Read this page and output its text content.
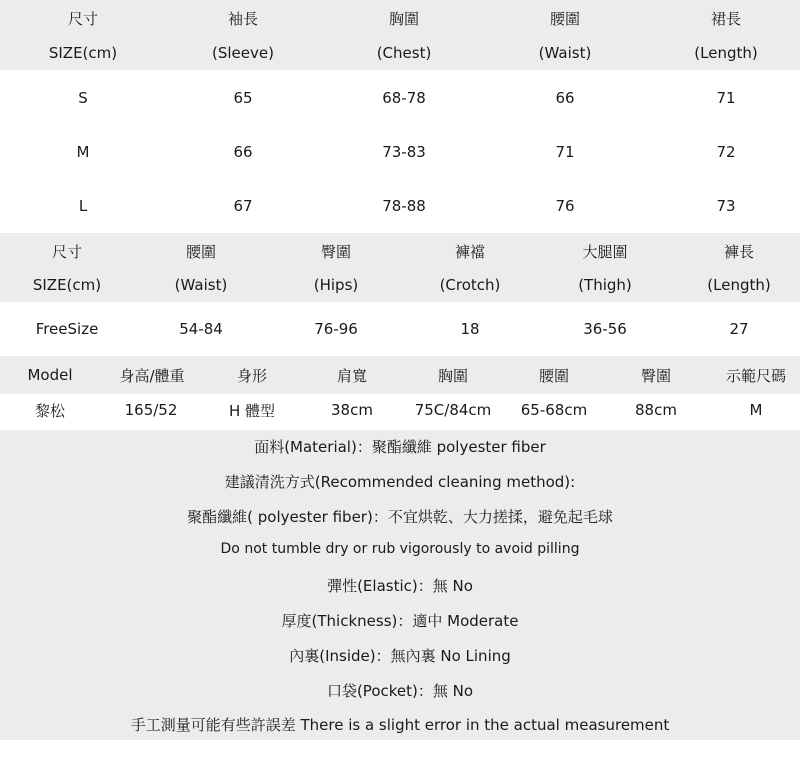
尺寸	袖長	胸圍	腰圍	裙長
SIZE(cm)	(Sleeve)	(Chest)	(Waist)	(Length)
S	65	68-78	66	71
M	66	73-83	71	72
L	67	78-88	76	73
尺寸	腰圍	臀圍	褲襠	大腿圍	褲長
SIZE(cm)	(Waist)	(Hips)	(Crotch)	(Thigh)	(Length)
FreeSize	54-84	76-96	18	36-56	27
Model	身高/體重	身形	肩寬	胸圍	腰圍	臀圍	示範尺碼
黎松	165/52	H 體型	38cm	75C/84cm	65-68cm	88cm	M
面料(Material)：聚酯纖維 polyester fiber
建議清洗方式(Recommended cleaning method):
聚酯纖維( polyester fiber)：不宜烘乾、大力搓揉，避免起毛球
Do not tumble dry or rub vigorously to avoid pilling
彈性(Elastic)：無 No
厚度(Thickness)：適中 Moderate
內裏(Inside)：無內裏 No Lining
口袋(Pocket)：無 No
手工測量可能有些許誤差 There is a slight error in the actual measurement
